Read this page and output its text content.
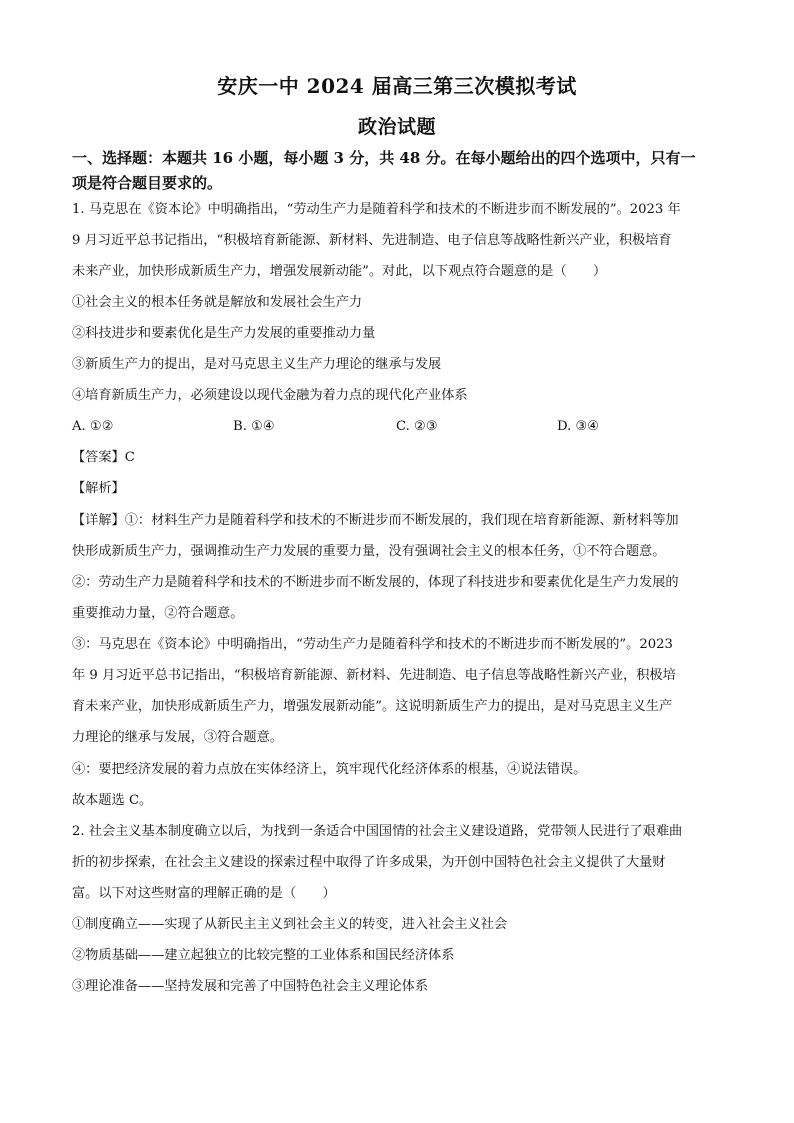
安庆一中 2024 届高三第三次模拟考试
政治试题
一、选择题：本题共 16 小题，每小题 3 分，共 48 分。在每小题给出的四个选项中，只有一
项是符合题目要求的。
1. 马克思在《资本论》中明确指出，“劳动生产力是随着科学和技术的不断进步而不断发展的”。2023 年
9 月习近平总书记指出，“积极培育新能源、新材料、先进制造、电子信息等战略性新兴产业，积极培育
未来产业，加快形成新质生产力，增强发展新动能”。对此，以下观点符合题意的是（　　）
①社会主义的根本任务就是解放和发展社会生产力
②科技进步和要素优化是生产力发展的重要推动力量
③新质生产力的提出，是对马克思主义生产力理论的继承与发展
④培育新质生产力，必须建设以现代金融为着力点的现代化产业体系
A. ①②	B. ①④	C. ②③	D. ③④
【答案】C
【解析】
【详解】①：材料生产力是随着科学和技术的不断进步而不断发展的，我们现在培育新能源、新材料等加
快形成新质生产力，强调推动生产力发展的重要力量，没有强调社会主义的根本任务，①不符合题意。
②：劳动生产力是随着科学和技术的不断进步而不断发展的，体现了科技进步和要素优化是生产力发展的
重要推动力量，②符合题意。
③：马克思在《资本论》中明确指出，“劳动生产力是随着科学和技术的不断进步而不断发展的”。2023
年 9 月习近平总书记指出，“积极培育新能源、新材料、先进制造、电子信息等战略性新兴产业，积极培
育未来产业，加快形成新质生产力，增强发展新动能”。这说明新质生产力的提出，是对马克思主义生产
力理论的继承与发展，③符合题意。
④：要把经济发展的着力点放在实体经济上，筑牢现代化经济体系的根基，④说法错误。
故本题选 C。
2. 社会主义基本制度确立以后，为找到一条适合中国国情的社会主义建设道路，党带领人民进行了艰难曲
折的初步探索，在社会主义建设的探索过程中取得了许多成果，为开创中国特色社会主义提供了大量财
富。以下对这些财富的理解正确的是（　　）
①制度确立——实现了从新民主主义到社会主义的转变，进入社会主义社会
②物质基础——建立起独立的比较完整的工业体系和国民经济体系
③理论准备——坚持发展和完善了中国特色社会主义理论体系
